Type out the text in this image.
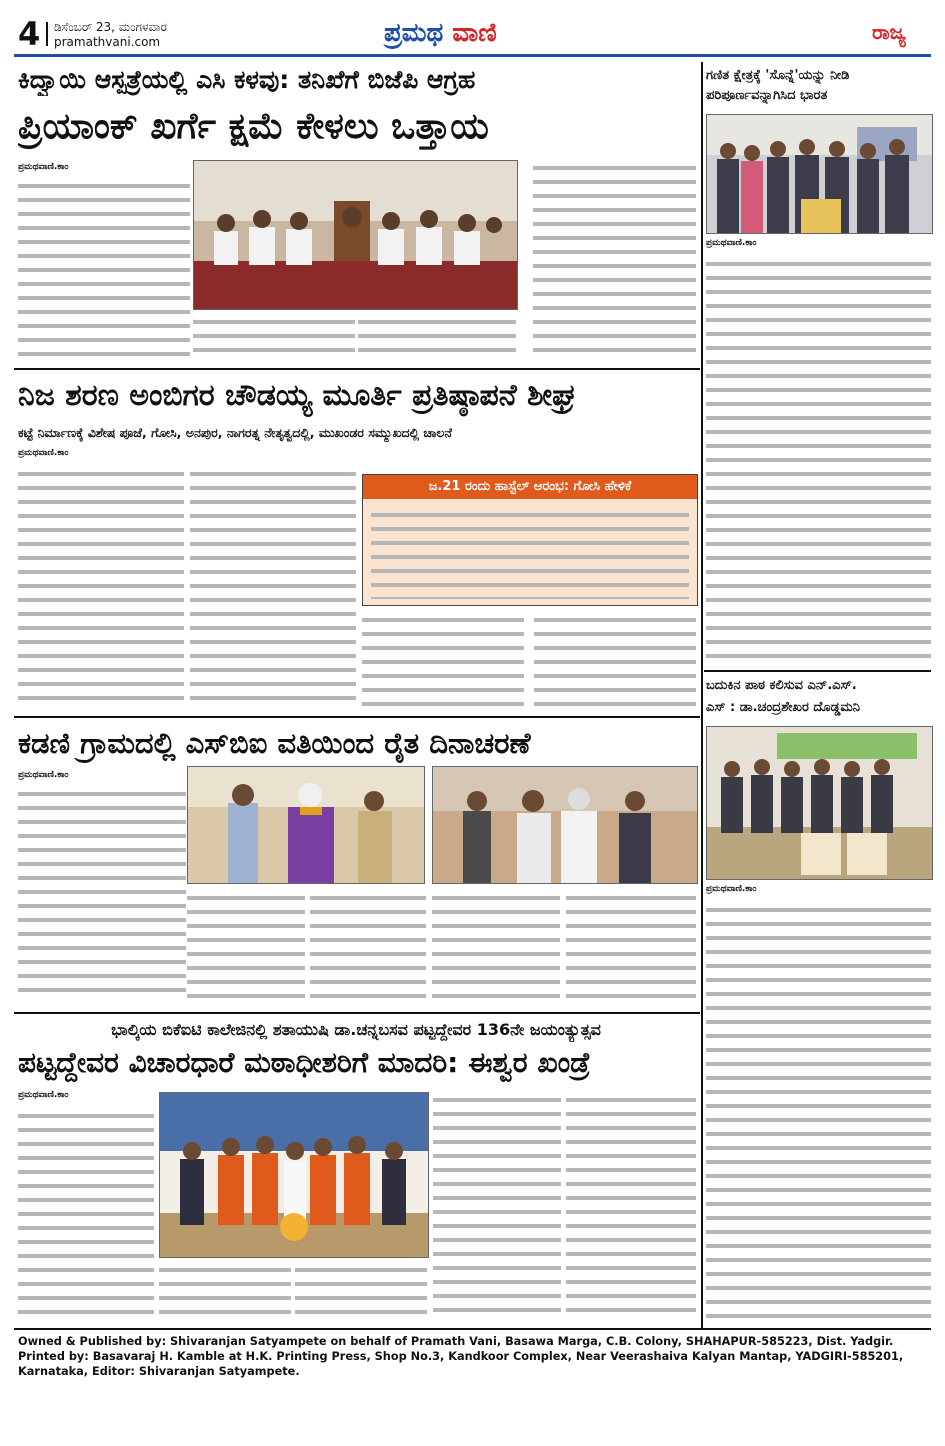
4 ಡಿಸೆಂಬರ್ 23, ಮಂಗಳವಾರ
pramathvani.com	ಪ್ರಮಥ ವಾಣಿ	ರಾಜ್ಯ
ಕಿದ್ವಾಯಿ ಆಸ್ಪತ್ರೆಯಲ್ಲಿ ಎಸಿ ಕಳವು: ತನಿಖೆಗೆ ಬಿಜೆಪಿ ಆಗ್ರಹ
ಪ್ರಿಯಾಂಕ್ ಖರ್ಗೆ ಕ್ಷಮೆ ಕೇಳಲು ಒತ್ತಾಯ
ಪ್ರಮಥವಾಣಿ.ಕಾಂ
ನಿಜ ಶರಣ ಅಂಬಿಗರ ಚೌಡಯ್ಯ ಮೂರ್ತಿ ಪ್ರತಿಷ್ಠಾಪನೆ ಶೀಘ್ರ
ಕಟ್ಟೆ ನಿರ್ಮಾಣಕ್ಕೆ ವಿಶೇಷ ಪೂಜೆ, ಗೋಸಿ, ಅನಪುರ, ನಾಗರತ್ನ ನೇತೃತ್ವದಲ್ಲಿ, ಮುಖಂಡರ ಸಮ್ಮುಖದಲ್ಲಿ ಚಾಲನೆ
ಪ್ರಮಥವಾಣಿ.ಕಾಂ
ಜ.21 ರಂದು ಹಾಸ್ಟೆಲ್ ಆರಂಭ: ಗೋಸಿ ಹೇಳಿಕೆ
ಕಡಣಿ ಗ್ರಾಮದಲ್ಲಿ ಎಸ್‌ಬಿಐ ವತಿಯಿಂದ ರೈತ ದಿನಾಚರಣೆ
ಪ್ರಮಥವಾಣಿ.ಕಾಂ
ಭಾಲ್ಕಿಯ ಬಿಕೆಐಟಿ ಕಾಲೇಜಿನಲ್ಲಿ ಶತಾಯುಷಿ ಡಾ.ಚನ್ನಬಸವ ಪಟ್ಟದ್ದೇವರ 136ನೇ ಜಯಂತ್ಯುತ್ಸವ
ಪಟ್ಟದ್ದೇವರ ವಿಚಾರಧಾರೆ ಮಠಾಧೀಶರಿಗೆ ಮಾದರಿ: ಈಶ್ವರ ಖಂಡ್ರೆ
ಪ್ರಮಥವಾಣಿ.ಕಾಂ
ಗಣಿತ ಕ್ಷೇತ್ರಕ್ಕೆ 'ಸೊನ್ನೆ'ಯನ್ನು ನೀಡಿ
ಪರಿಪೂರ್ಣವನ್ನಾಗಿಸಿದ ಭಾರತ
ಪ್ರಮಥವಾಣಿ.ಕಾಂ
ಬದುಕಿನ ಪಾಠ ಕಲಿಸುವ ಎನ್.ಎಸ್.
ಎಸ್ : ಡಾ.ಚಂದ್ರಶೇಖರ ದೊಡ್ಡಮನಿ
ಪ್ರಮಥವಾಣಿ.ಕಾಂ
Owned & Published by: Shivaranjan Satyampete on behalf of Pramath Vani, Basawa Marga, C.B. Colony, SHAHAPUR-585223, Dist. Yadgir. Printed by: Basavaraj H. Kamble at H.K. Printing Press, Shop No.3, Kandkoor Complex, Near Veerashaiva Kalyan Mantap, YADGIRI-585201, Karnataka, Editor: Shivaranjan Satyampete.
